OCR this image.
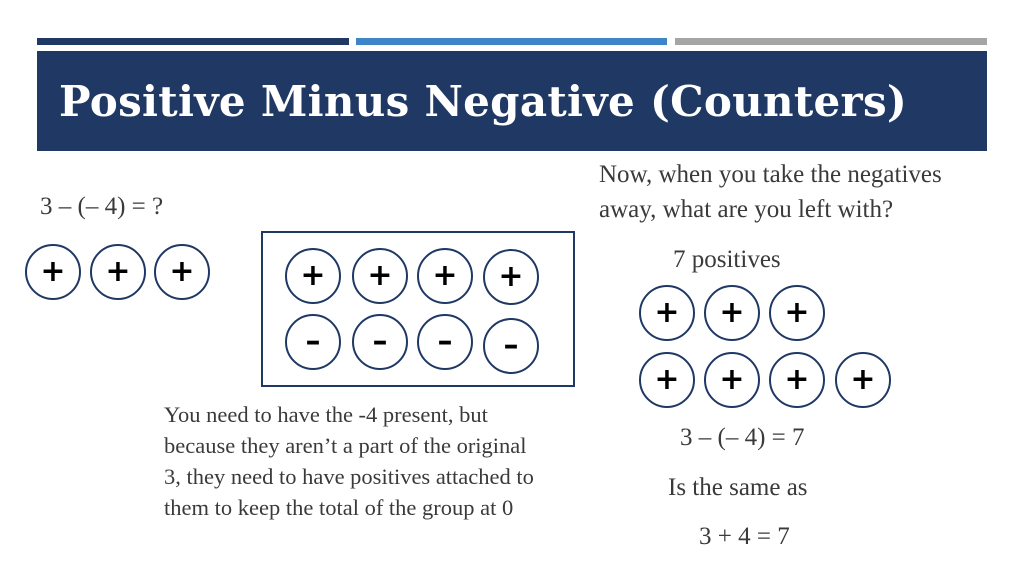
Positive Minus Negative (Counters)
3 – (– 4) = ?
+	+	+	+	+	+	+
–	–	–	–
You need to have the -4 present, but
because they aren’t a part of the original
3, they need to have positives attached to
them to keep the total of the group at 0
Now, when you take the negatives
away, what are you left with?
7 positives
+	+	+
+	+	+	+
3 – (– 4) = 7
Is the same as
3 + 4 = 7
